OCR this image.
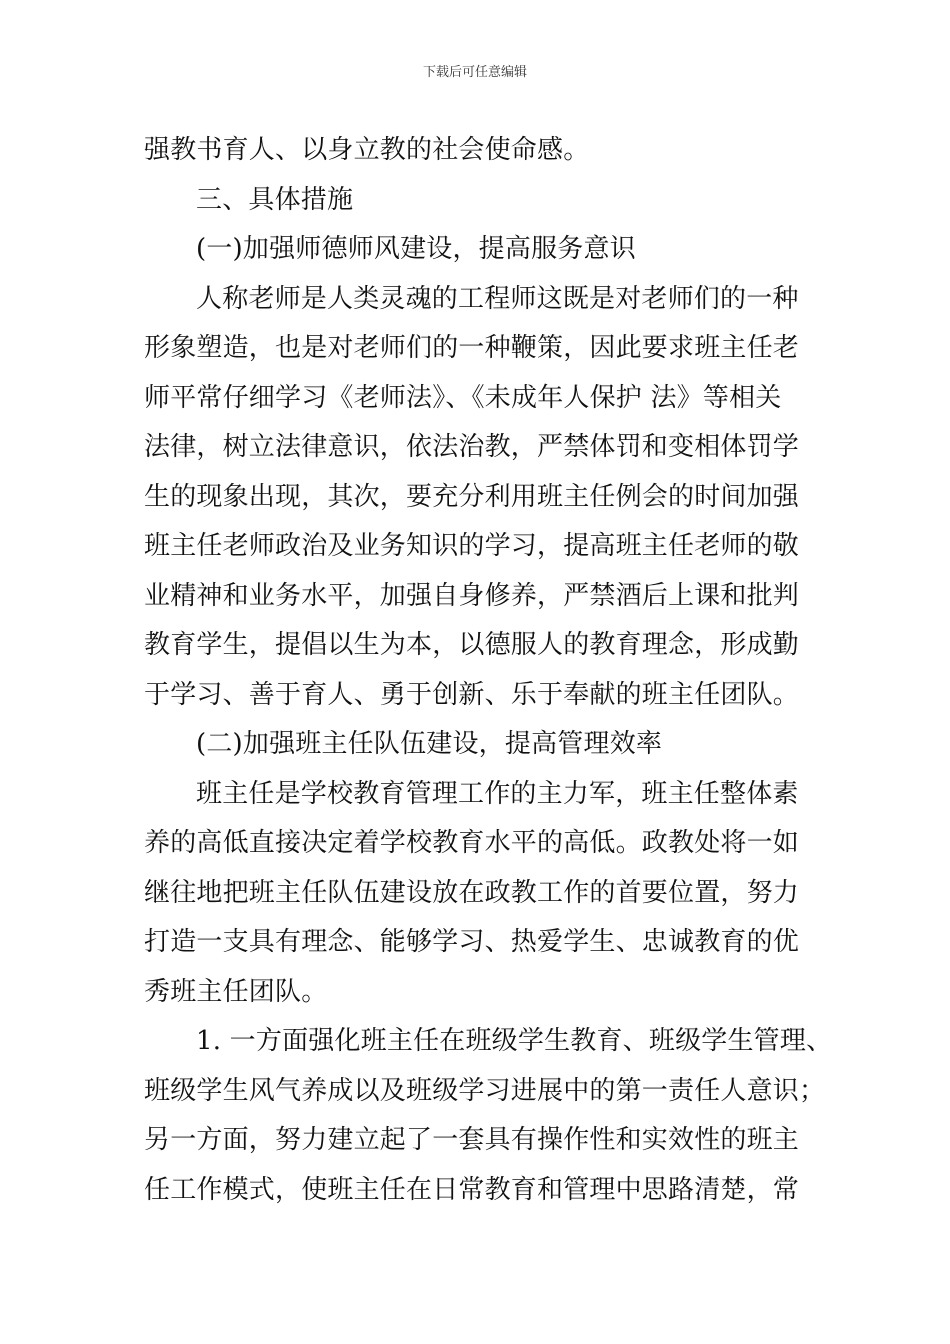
下载后可任意编辑
强教书育人、以身立教的社会使命感。
三、具体措施
(一)加强师德师风建设，提高服务意识
人称老师是人类灵魂的工程师这既是对老师们的一种
形象塑造，也是对老师们的一种鞭策，因此要求班主任老
师平常仔细学习《老师法》、《未成年人保护 法》等相关
法律，树立法律意识，依法治教，严禁体罚和变相体罚学
生的现象出现，其次，要充分利用班主任例会的时间加强
班主任老师政治及业务知识的学习，提高班主任老师的敬
业精神和业务水平，加强自身修养，严禁酒后上课和批判
教育学生，提倡以生为本，以德服人的教育理念，形成勤
于学习、善于育人、勇于创新、乐于奉献的班主任团队。
(二)加强班主任队伍建设，提高管理效率
班主任是学校教育管理工作的主力军，班主任整体素
养的高低直接决定着学校教育水平的高低。政教处将一如
继往地把班主任队伍建设放在政教工作的首要位置，努力
打造一支具有理念、能够学习、热爱学生、忠诚教育的优
秀班主任团队。
1. 一方面强化班主任在班级学生教育、班级学生管理、
班级学生风气养成以及班级学习进展中的第一责任人意识；
另一方面，努力建立起了一套具有操作性和实效性的班主
任工作模式，使班主任在日常教育和管理中思路清楚，常
